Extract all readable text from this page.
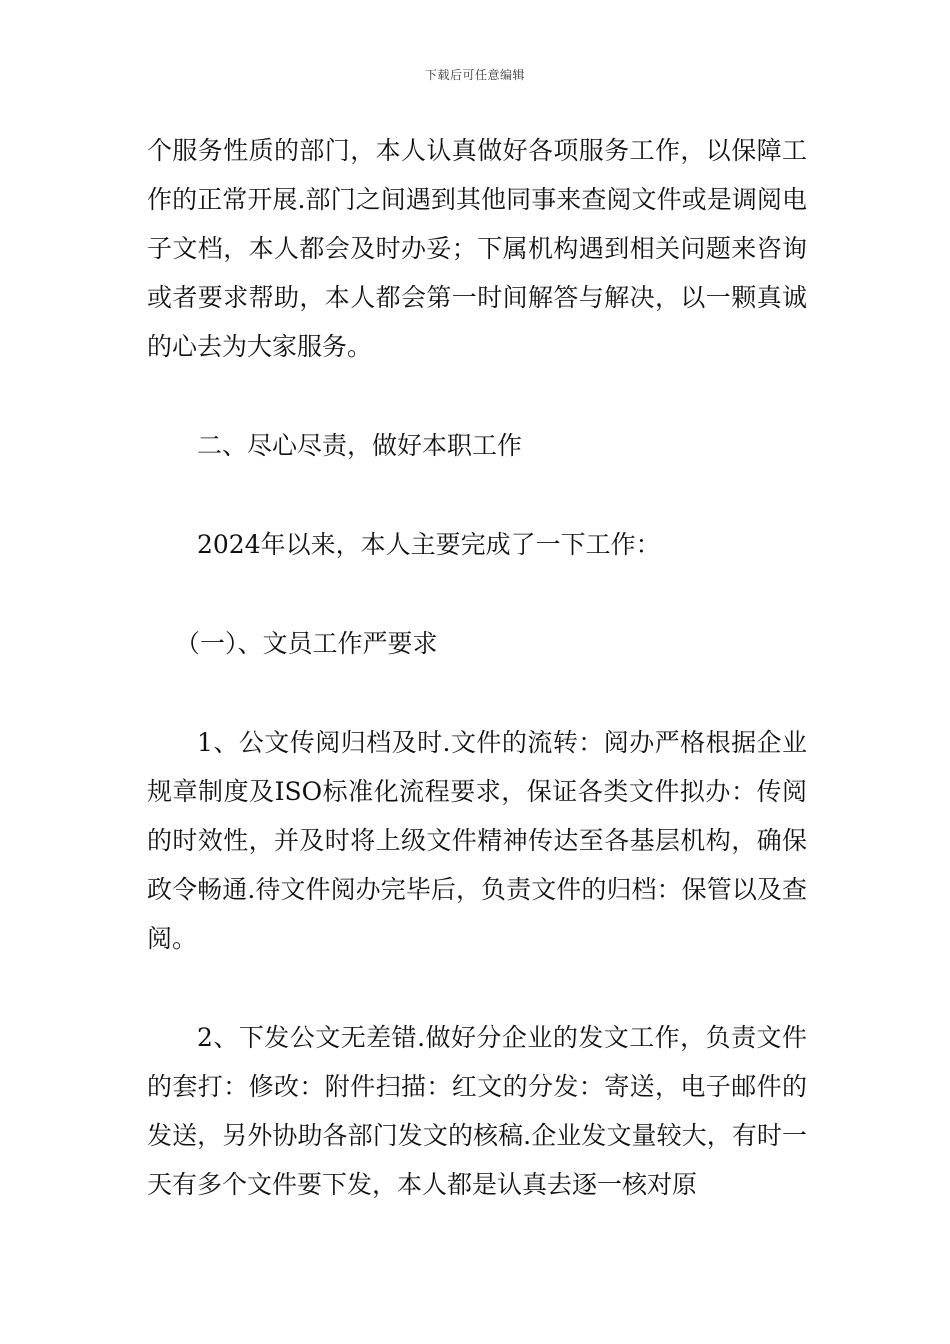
下载后可任意编辑

个服务性质的部门，本人认真做好各项服务工作，以保障工作的正常开展.部门之间遇到其他同事来查阅文件或是调阅电子文档，本人都会及时办妥；下属机构遇到相关问题来咨询或者要求帮助，本人都会第一时间解答与解决，以一颗真诚的心去为大家服务。

二、尽心尽责，做好本职工作

2024年以来，本人主要完成了一下工作：

（一）、文员工作严要求

1、公文传阅归档及时.文件的流转：阅办严格根据企业规章制度及ISO标准化流程要求，保证各类文件拟办：传阅的时效性，并及时将上级文件精神传达至各基层机构，确保政令畅通.待文件阅办完毕后，负责文件的归档：保管以及查阅。

2、下发公文无差错.做好分企业的发文工作，负责文件的套打：修改：附件扫描：红文的分发：寄送，电子邮件的发送，另外协助各部门发文的核稿.企业发文量较大，有时一天有多个文件要下发，本人都是认真去逐一核对原
